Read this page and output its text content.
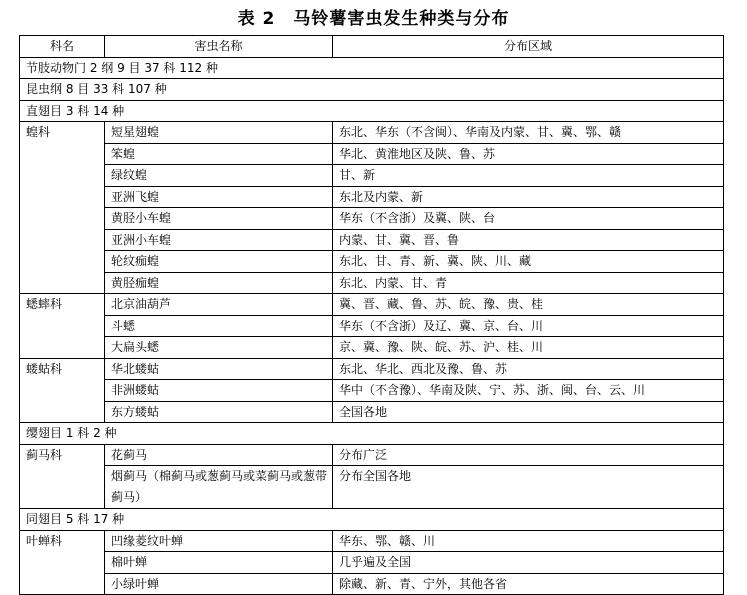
表 2　马铃薯害虫发生种类与分布
科名	害虫名称	分布区域
节肢动物门 2 纲 9 目 37 科 112 种		
昆虫纲 8 目 33 科 107 种		
直翅目 3 科 14 种		
蝗科	短星翅蝗	东北、华东（不含闽）、华南及内蒙、甘、冀、鄂、赣
	笨蝗	华北、黄淮地区及陕、鲁、苏
	绿纹蝗	甘、新
	亚洲飞蝗	东北及内蒙、新
	黄胫小车蝗	华东（不含浙）及冀、陕、台
	亚洲小车蝗	内蒙、甘、冀、晋、鲁
	轮纹痂蝗	东北、甘、青、新、冀、陕、川、藏
	黄胫痂蝗	东北、内蒙、甘、青
蟋蟀科	北京油葫芦	冀、晋、藏、鲁、苏、皖、豫、贵、桂
	斗蟋	华东（不含浙）及辽、冀、京、台、川
	大扁头蟋	京、冀、豫、陕、皖、苏、沪、桂、川
蝼蛄科	华北蝼蛄	东北、华北、西北及豫、鲁、苏
	非洲蝼蛄	华中（不含豫）、华南及陕、宁、苏、浙、闽、台、云、川
	东方蝼蛄	全国各地
缨翅目 1 科 2 种		
蓟马科	花蓟马	分布广泛
	烟蓟马（棉蓟马或葱蓟马或菜蓟马或葱带蓟马）	分布全国各地
同翅目 5 科 17 种		
叶蝉科	凹缘菱纹叶蝉	华东、鄂、赣、川
	棉叶蝉	几乎遍及全国
	小绿叶蝉	除藏、新、青、宁外，其他各省
